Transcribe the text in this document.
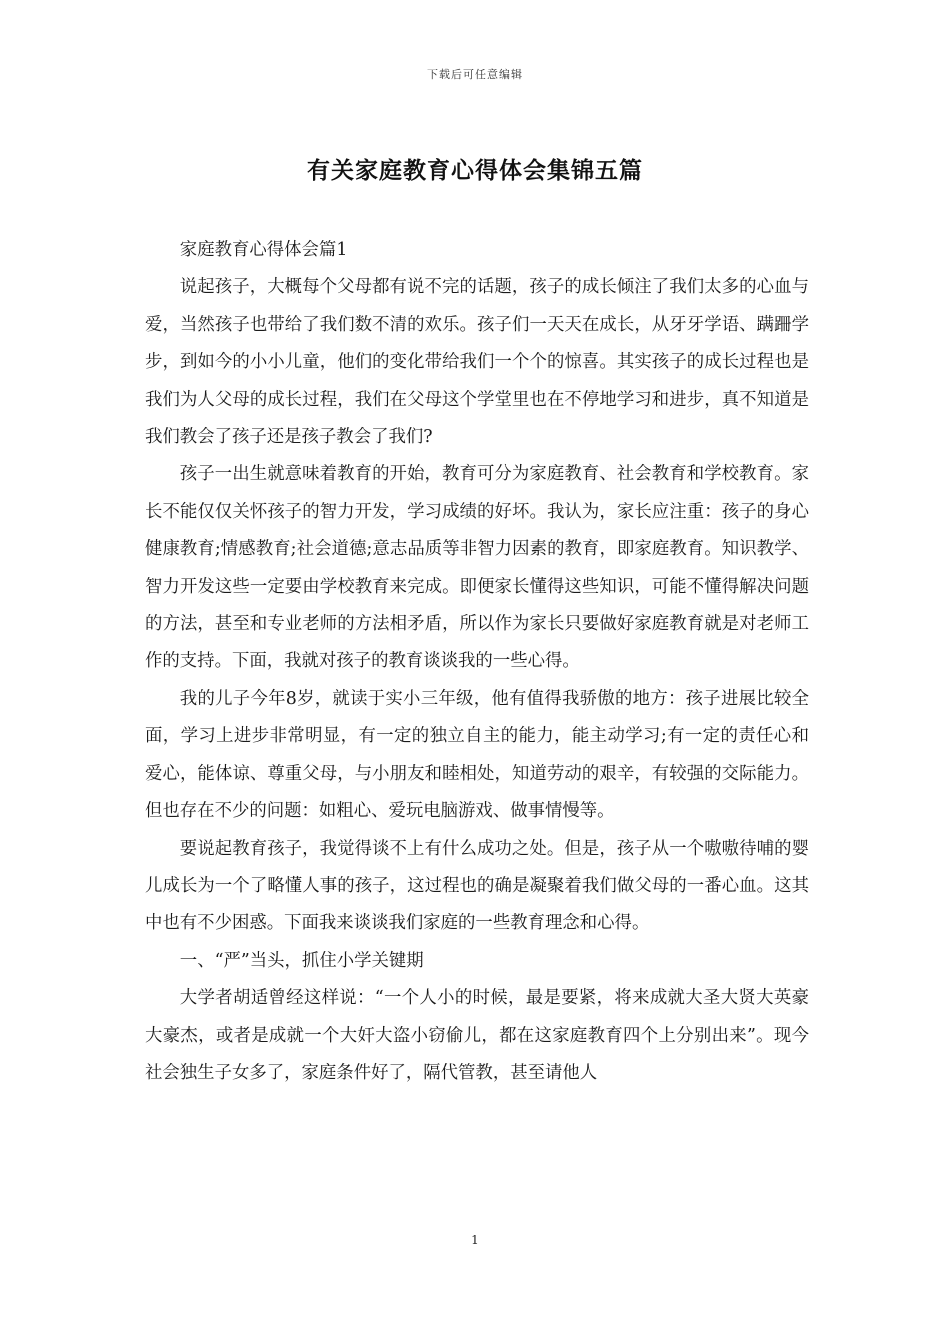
下载后可任意编辑
有关家庭教育心得体会集锦五篇

家庭教育心得体会篇1

说起孩子，大概每个父母都有说不完的话题，孩子的成长倾注了我们太多的心血与爱，当然孩子也带给了我们数不清的欢乐。孩子们一天天在成长，从牙牙学语、蹒跚学步，到如今的小小儿童，他们的变化带给我们一个个的惊喜。其实孩子的成长过程也是我们为人父母的成长过程，我们在父母这个学堂里也在不停地学习和进步，真不知道是我们教会了孩子还是孩子教会了我们?

孩子一出生就意味着教育的开始，教育可分为家庭教育、社会教育和学校教育。家长不能仅仅关怀孩子的智力开发，学习成绩的好坏。我认为，家长应注重：孩子的身心健康教育;情感教育;社会道德;意志品质等非智力因素的教育，即家庭教育。知识教学、智力开发这些一定要由学校教育来完成。即便家长懂得这些知识，可能不懂得解决问题的方法，甚至和专业老师的方法相矛盾，所以作为家长只要做好家庭教育就是对老师工作的支持。下面，我就对孩子的教育谈谈我的一些心得。

我的儿子今年8岁，就读于实小三年级，他有值得我骄傲的地方：孩子进展比较全面，学习上进步非常明显，有一定的独立自主的能力，能主动学习;有一定的责任心和爱心，能体谅、尊重父母，与小朋友和睦相处，知道劳动的艰辛，有较强的交际能力。但也存在不少的问题：如粗心、爱玩电脑游戏、做事情慢等。

要说起教育孩子，我觉得谈不上有什么成功之处。但是，孩子从一个嗷嗷待哺的婴儿成长为一个了略懂人事的孩子，这过程也的确是凝聚着我们做父母的一番心血。这其中也有不少困惑。下面我来谈谈我们家庭的一些教育理念和心得。

一、“严”当头，抓住小学关键期

大学者胡适曾经这样说：“一个人小的时候，最是要紧，将来成就大圣大贤大英豪大豪杰，或者是成就一个大奸大盗小窃偷儿，都在这家庭教育四个上分别出来”。现今社会独生子女多了，家庭条件好了，隔代管教，甚至请他人

1
